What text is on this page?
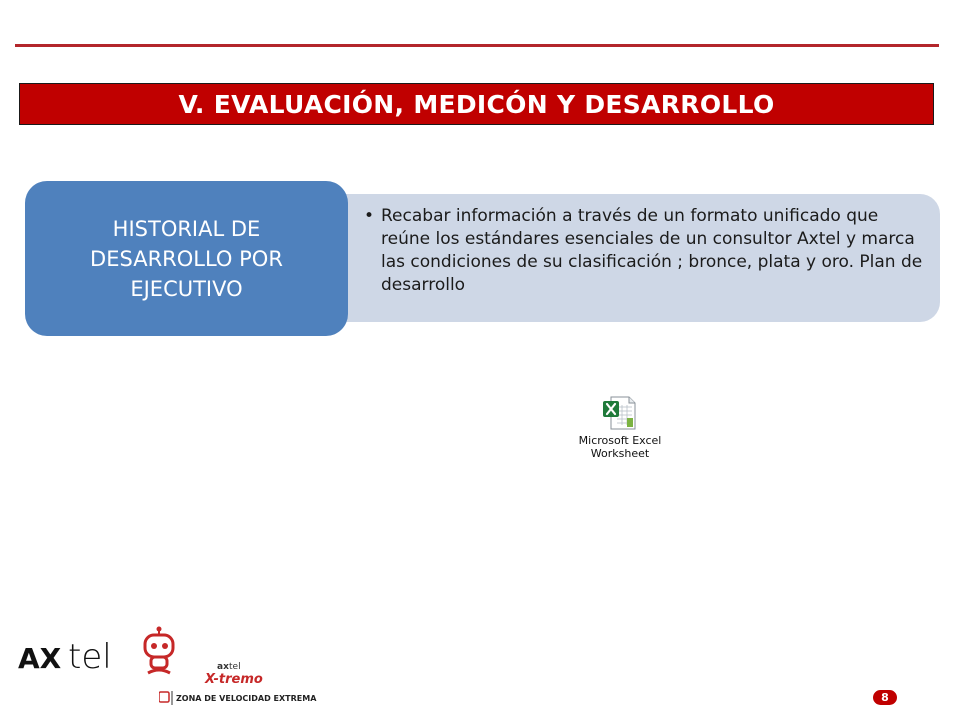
V. EVALUACIÓN, MEDICÓN Y DESARROLLO
• Recabar información a través de un formato unificado que reúne los estándares esenciales de un consultor Axtel y marca las condiciones de su clasificación ; bronce, plata y oro. Plan de desarrollo
HISTORIAL DE DESARROLLO POR EJECUTIVO
Microsoft Excel
Worksheet
AX tel	ax tel
X-tremo
ZONA DE VELOCIDAD EXTREMA	8
